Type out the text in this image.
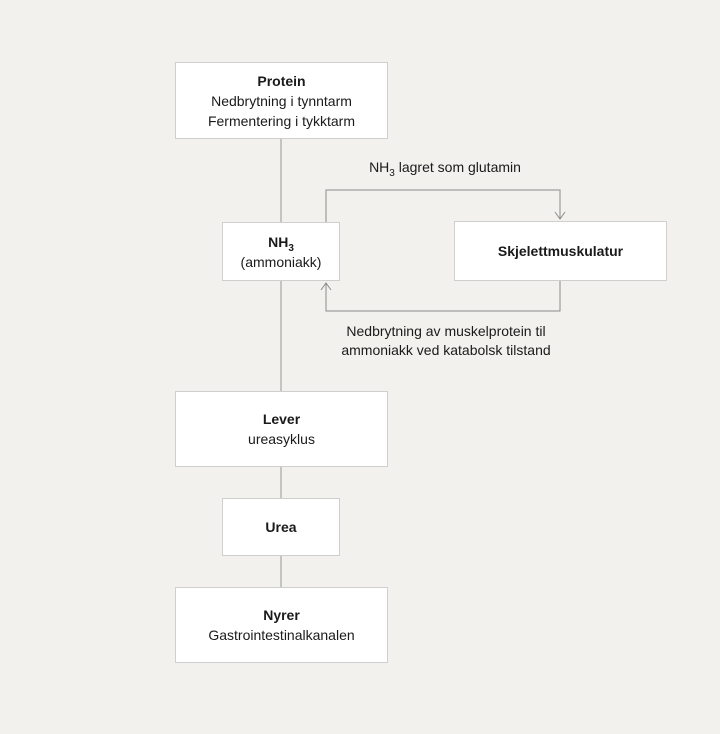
Protein
Nedbrytning i tynntarm
Fermentering i tykktarm
$NH_3$
(ammoniakk)
Skjelettmuskulatur
Lever
ureasyklus
Urea
Nyrer
Gastrointestinalkanalen
$NH_3$ lagret som glutamin
Nedbrytning av muskelprotein til
ammoniakk ved katabolsk tilstand
